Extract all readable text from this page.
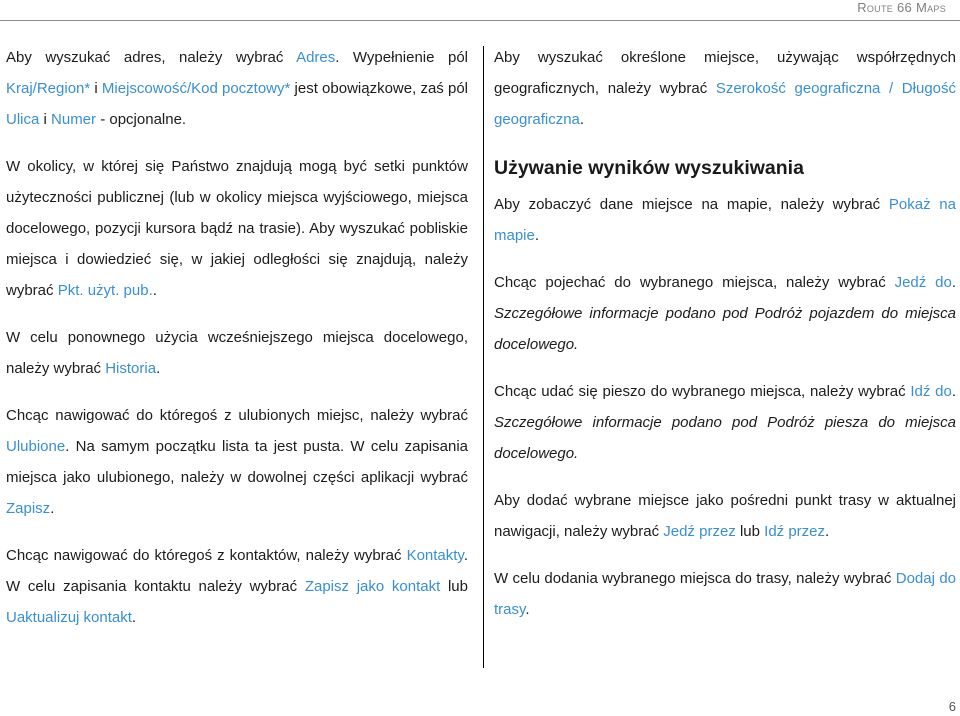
Route 66 Maps

Aby wyszukać adres, należy wybrać Adres. Wypełnienie pól Kraj/Region* i Miejscowość/Kod pocztowy* jest obowiązkowe, zaś pól Ulica i Numer - opcjonalne.

W okolicy, w której się Państwo znajdują mogą być setki punktów użyteczności publicznej (lub w okolicy miejsca wyjściowego, miejsca docelowego, pozycji kursora bądź na trasie). Aby wyszukać pobliskie miejsca i dowiedzieć się, w jakiej odległości się znajdują, należy wybrać Pkt. użyt. pub..

W celu ponownego użycia wcześniejszego miejsca docelowego, należy wybrać Historia.

Chcąc nawigować do któregoś z ulubionych miejsc, należy wybrać Ulubione. Na samym początku lista ta jest pusta. W celu zapisania miejsca jako ulubionego, należy w dowolnej części aplikacji wybrać Zapisz.

Chcąc nawigować do któregoś z kontaktów, należy wybrać Kontakty. W celu zapisania kontaktu należy wybrać Zapisz jako kontakt lub Uaktualizuj kontakt.

Aby wyszukać określone miejsce, używając współrzędnych geograficznych, należy wybrać Szerokość geograficzna / Długość geograficzna.

Używanie wyników wyszukiwania

Aby zobaczyć dane miejsce na mapie, należy wybrać Pokaż na mapie.

Chcąc pojechać do wybranego miejsca, należy wybrać Jedź do. Szczegółowe informacje podano pod Podróż pojazdem do miejsca docelowego.

Chcąc udać się pieszo do wybranego miejsca, należy wybrać Idź do. Szczegółowe informacje podano pod Podróż piesza do miejsca docelowego.

Aby dodać wybrane miejsce jako pośredni punkt trasy w aktualnej nawigacji, należy wybrać Jedź przez lub Idź przez.

W celu dodania wybranego miejsca do trasy, należy wybrać Dodaj do trasy.

6
